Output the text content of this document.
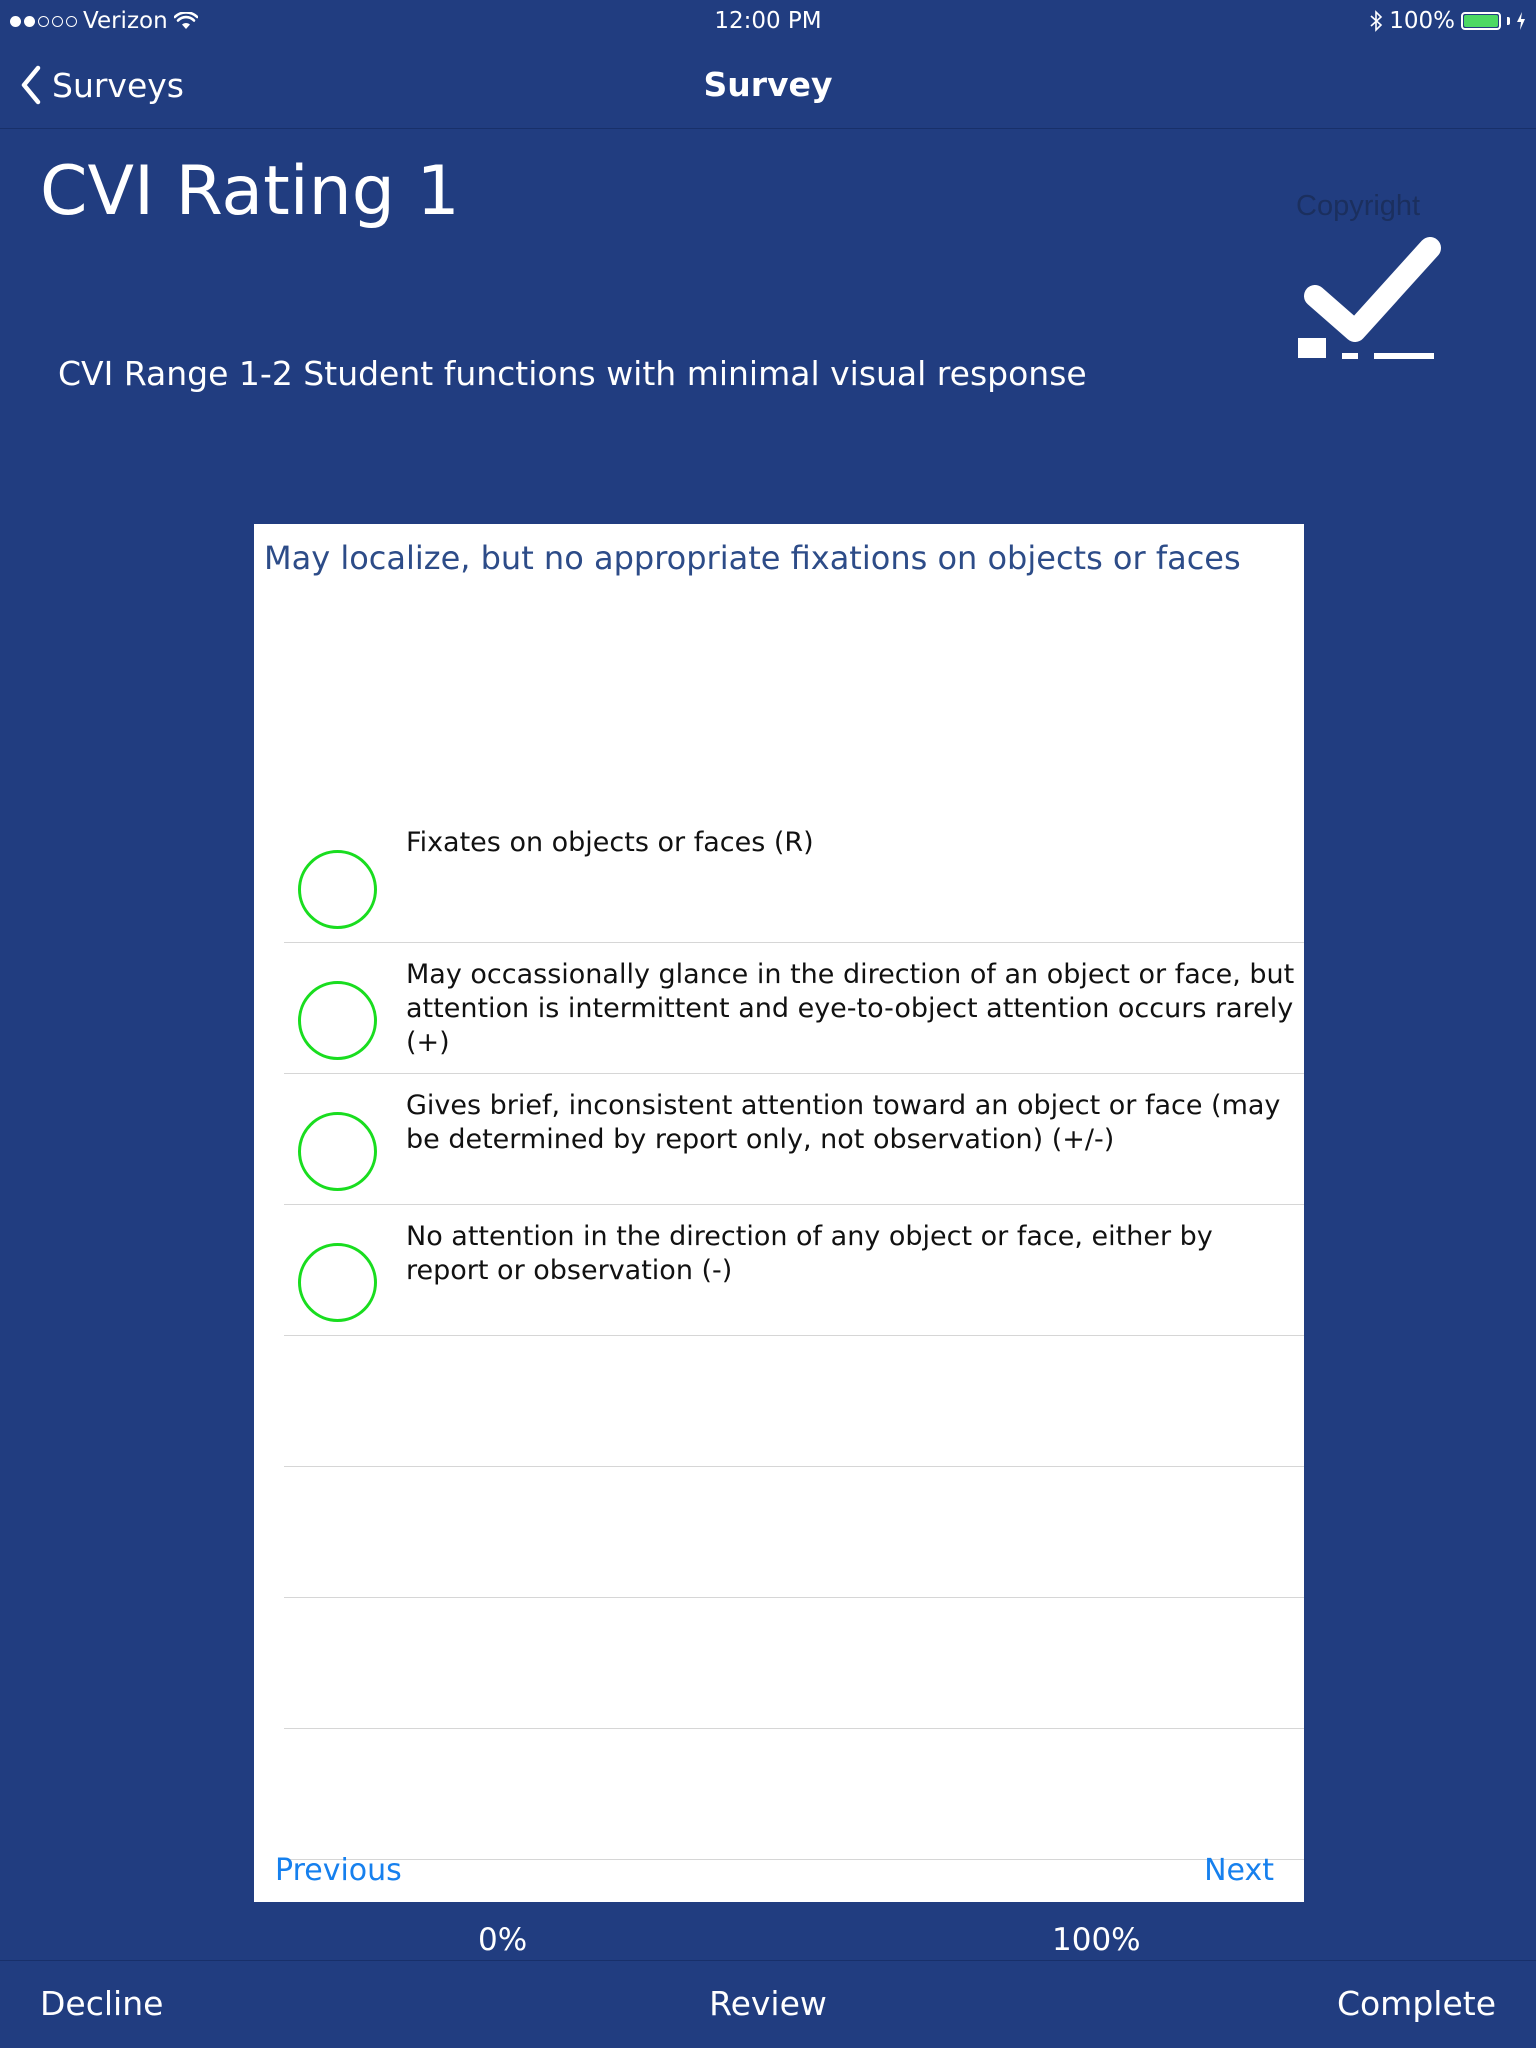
Verizon	12:00 PM	100%
Surveys	Survey
CVI Rating 1
CVI Range 1-2 Student functions with minimal visual response
Copyright
May localize, but no appropriate fixations on objects or faces
Fixates on objects or faces (R)
May occassionally glance in the direction of an object or face, but attention is intermittent and eye-to-object attention occurs rarely (+)
Gives brief, inconsistent attention toward an object or face (may be determined by report only, not observation) (+/-)
No attention in the direction of any object or face, either by report or observation (-)
Previous	Next
0%	100%
Decline	Review	Complete
